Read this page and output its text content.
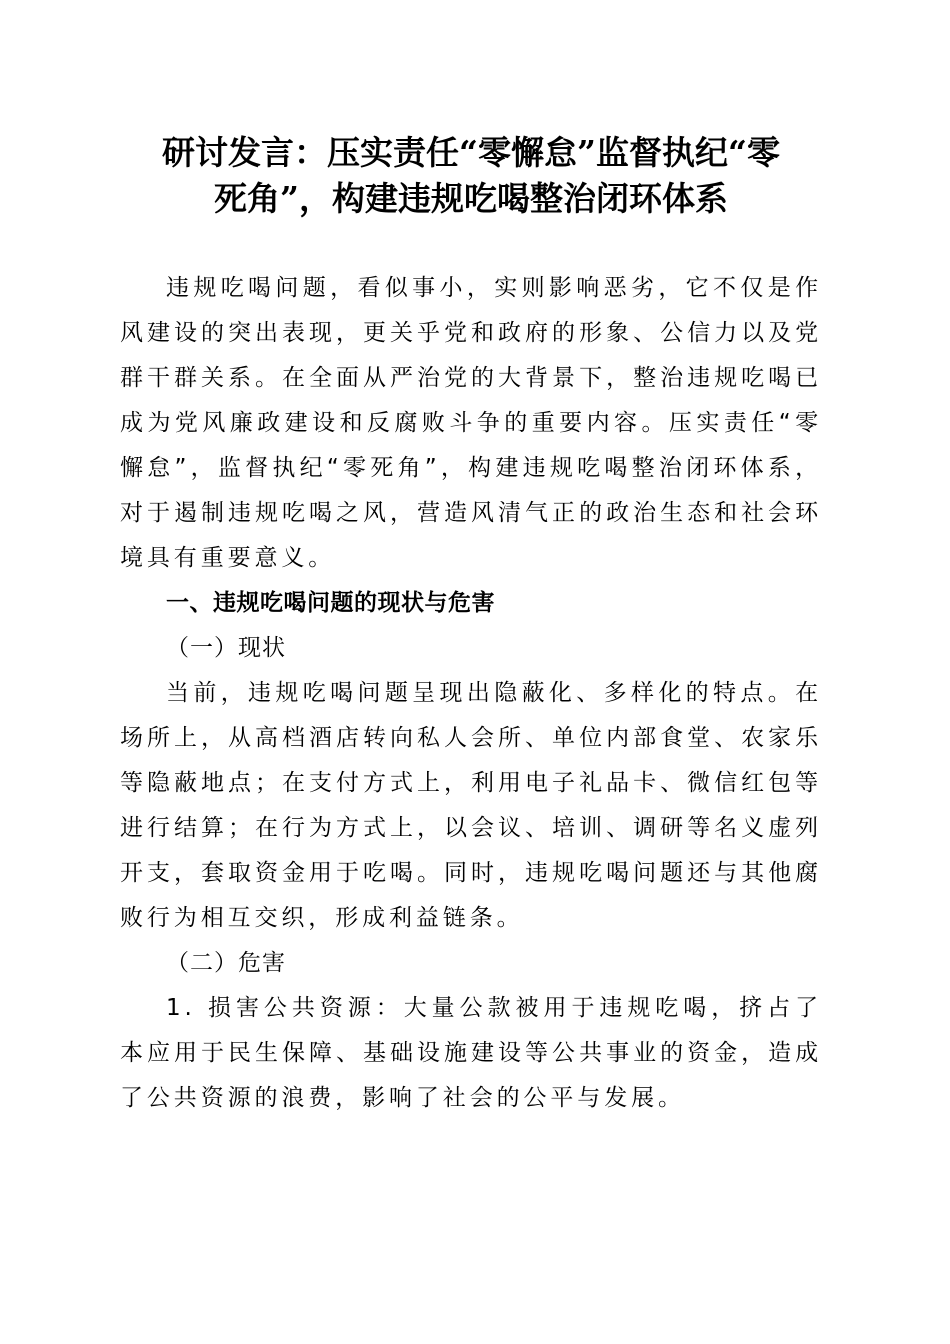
研讨发言：压实责任“零懈怠”监督执纪“零
死角”，构建违规吃喝整治闭环体系

违规吃喝问题，看似事小，实则影响恶劣，它不仅是作风建设的突出表现，更关乎党和政府的形象、公信力以及党群干群关系。在全面从严治党的大背景下，整治违规吃喝已成为党风廉政建设和反腐败斗争的重要内容。压实责任“零懈怠”，监督执纪“零死角”，构建违规吃喝整治闭环体系，对于遏制违规吃喝之风，营造风清气正的政治生态和社会环境具有重要意义。

一、违规吃喝问题的现状与危害

（一）现状

当前，违规吃喝问题呈现出隐蔽化、多样化的特点。在场所上，从高档酒店转向私人会所、单位内部食堂、农家乐等隐蔽地点；在支付方式上，利用电子礼品卡、微信红包等进行结算；在行为方式上，以会议、培训、调研等名义虚列开支，套取资金用于吃喝。同时，违规吃喝问题还与其他腐败行为相互交织，形成利益链条。

（二）危害

1. 损害公共资源：大量公款被用于违规吃喝，挤占了本应用于民生保障、基础设施建设等公共事业的资金，造成了公共资源的浪费，影响了社会的公平与发展。
